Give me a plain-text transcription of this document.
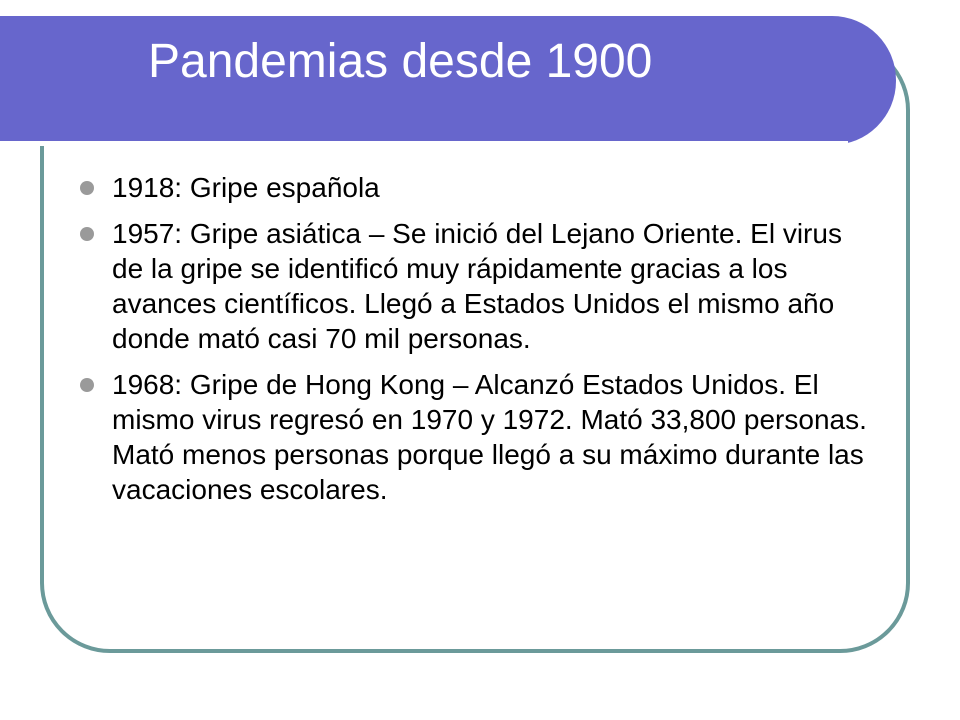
Pandemias desde 1900
1918: Gripe española
1957: Gripe asiática – Se inició del Lejano Oriente. El virus de la gripe se identificó muy rápidamente gracias a los avances científicos. Llegó a Estados Unidos el mismo año donde mató casi 70 mil personas.
1968: Gripe de Hong Kong – Alcanzó Estados Unidos. El mismo virus regresó en 1970 y 1972. Mató 33,800 personas. Mató menos personas porque llegó a su máximo durante las vacaciones escolares.
